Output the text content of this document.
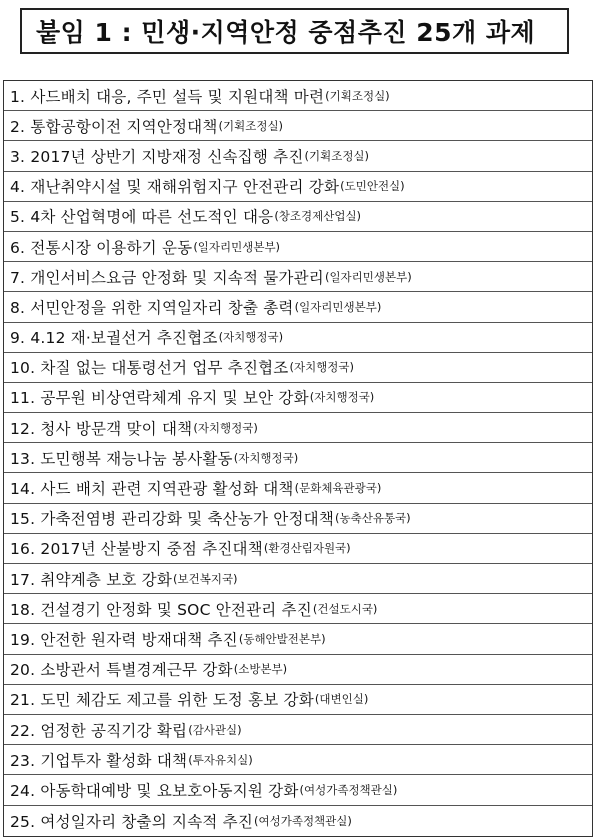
붙임 1 : 민생·지역안정 중점추진 25개 과제
1. 사드배치 대응, 주민 설득 및 지원대책 마련 (기획조정실)
2. 통합공항이전 지역안정대책 (기획조정실)
3. 2017년 상반기 지방재정 신속집행 추진 (기획조정실)
4. 재난취약시설 및 재해위험지구 안전관리 강화 (도민안전실)
5. 4차 산업혁명에 따른 선도적인 대응 (창조경제산업실)
6. 전통시장 이용하기 운동 (일자리민생본부)
7. 개인서비스요금 안정화 및 지속적 물가관리 (일자리민생본부)
8. 서민안정을 위한 지역일자리 창출 총력 (일자리민생본부)
9. 4.12 재·보궐선거 추진협조 (자치행정국)
10. 차질 없는 대통령선거 업무 추진협조 (자치행정국)
11. 공무원 비상연락체계 유지 및 보안 강화 (자치행정국)
12. 청사 방문객 맞이 대책 (자치행정국)
13. 도민행복 재능나눔 봉사활동 (자치행정국)
14. 사드 배치 관련 지역관광 활성화 대책 (문화체육관광국)
15. 가축전염병 관리강화 및 축산농가 안정대책 (농축산유통국)
16. 2017년 산불방지 중점 추진대책 (환경산림자원국)
17. 취약계층 보호 강화 (보건복지국)
18. 건설경기 안정화 및 SOC 안전관리 추진 (건설도시국)
19. 안전한 원자력 방재대책 추진 (동해안발전본부)
20. 소방관서 특별경계근무 강화 (소방본부)
21. 도민 체감도 제고를 위한 도정 홍보 강화 (대변인실)
22. 엄정한 공직기강 확립 (감사관실)
23. 기업투자 활성화 대책 (투자유치실)
24. 아동학대예방 및 요보호아동지원 강화 (여성가족정책관실)
25. 여성일자리 창출의 지속적 추진 (여성가족정책관실)
